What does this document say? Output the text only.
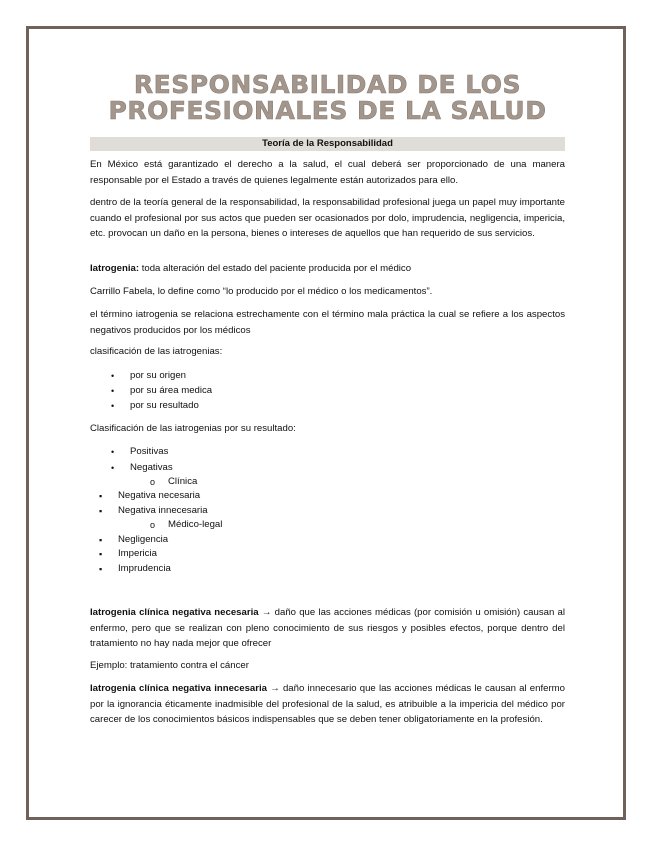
RESPONSABILIDAD DE LOS PROFESIONALES DE LA SALUD
Teoría de la Responsabilidad
En México está garantizado el derecho a la salud, el cual deberá ser proporcionado de una manera responsable por el Estado a través de quienes legalmente están autorizados para ello.
dentro de la teoría general de la responsabilidad, la responsabilidad profesional juega un papel muy importante cuando el profesional por sus actos que pueden ser ocasionados por dolo, imprudencia, negligencia, impericia, etc. provocan un daño en la persona, bienes o intereses de aquellos que han requerido de sus servicios.
Iatrogenia: toda alteración del estado del paciente producida por el médico
Carrillo Fabela, lo define como “lo producido por el médico o los medicamentos”.
el término iatrogenia se relaciona estrechamente con el término mala práctica la cual se refiere a los aspectos negativos producidos por los médicos
clasificación de las iatrogenias:
• por su origen
• por su área medica
• por su resultado
Clasificación de las iatrogenias por su resultado:
• Positivas
• Negativas
o Clínica
▪ Negativa necesaria
▪ Negativa innecesaria
o Médico-legal
▪ Negligencia
▪ Impericia
▪ Imprudencia
Iatrogenia clínica negativa necesaria → daño que las acciones médicas (por comisión u omisión) causan al enfermo, pero que se realizan con pleno conocimiento de sus riesgos y posibles efectos, porque dentro del tratamiento no hay nada mejor que ofrecer
Ejemplo: tratamiento contra el cáncer
Iatrogenia clínica negativa innecesaria → daño innecesario que las acciones médicas le causan al enfermo por la ignorancia éticamente inadmisible del profesional de la salud, es atribuible a la impericia del médico por carecer de los conocimientos básicos indispensables que se deben tener obligatoriamente en la profesión.
